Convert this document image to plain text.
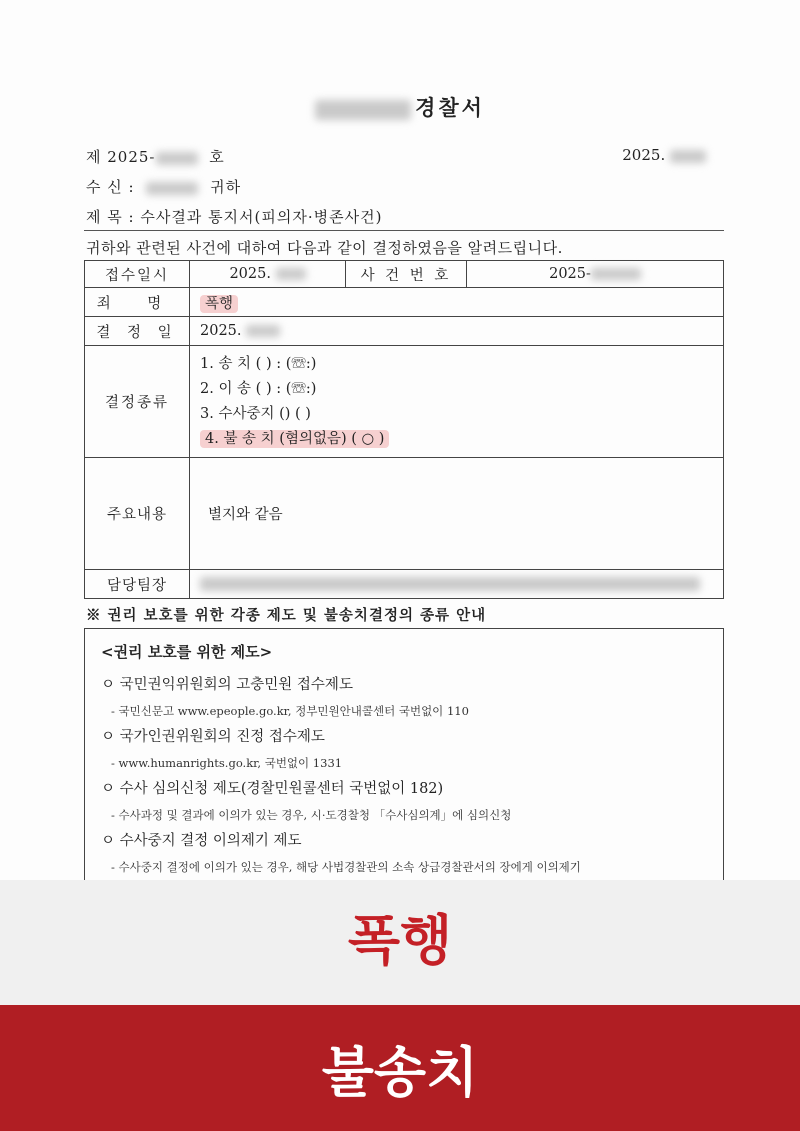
경찰서
제 2025-	호	2025.
수 신 :	귀하
제 목 : 수사결과 통지서(피의자·병존사건)
귀하와 관련된 사건에 대하여 다음과 같이 결정하였음을 알려드립니다.
접수일시	2025.	사 건 번 호	2025-
죄 명	폭행		
결 정 일	2025.		
결정종류	1. 송 치 ( ) : (☏:)
2. 이 송 ( ) : (☏:)
3. 수사중지 () ( )
4. 불 송 치 (혐의없음) ( ○ )		

주요내용	별지와 같음		
담당팀장			
※ 권리 보호를 위한 각종 제도 및 불송치결정의 종류 안내
<권리 보호를 위한 제도>
ㅇ 국민권익위원회의 고충민원 접수제도
- 국민신문고 www.epeople.go.kr, 정부민원안내콜센터 국번없이 110
ㅇ 국가인권위원회의 진정 접수제도
- www.humanrights.go.kr, 국번없이 1331
ㅇ 수사 심의신청 제도(경찰민원콜센터 국번없이 182)
- 수사과정 및 결과에 이의가 있는 경우, 시·도경찰청 「수사심의계」에 심의신청
ㅇ 수사중지 결정 이의제기 제도
- 수사중지 결정에 이의가 있는 경우, 해당 사법경찰관의 소속 상급경찰관서의 장에게 이의제기
폭행
불송치
